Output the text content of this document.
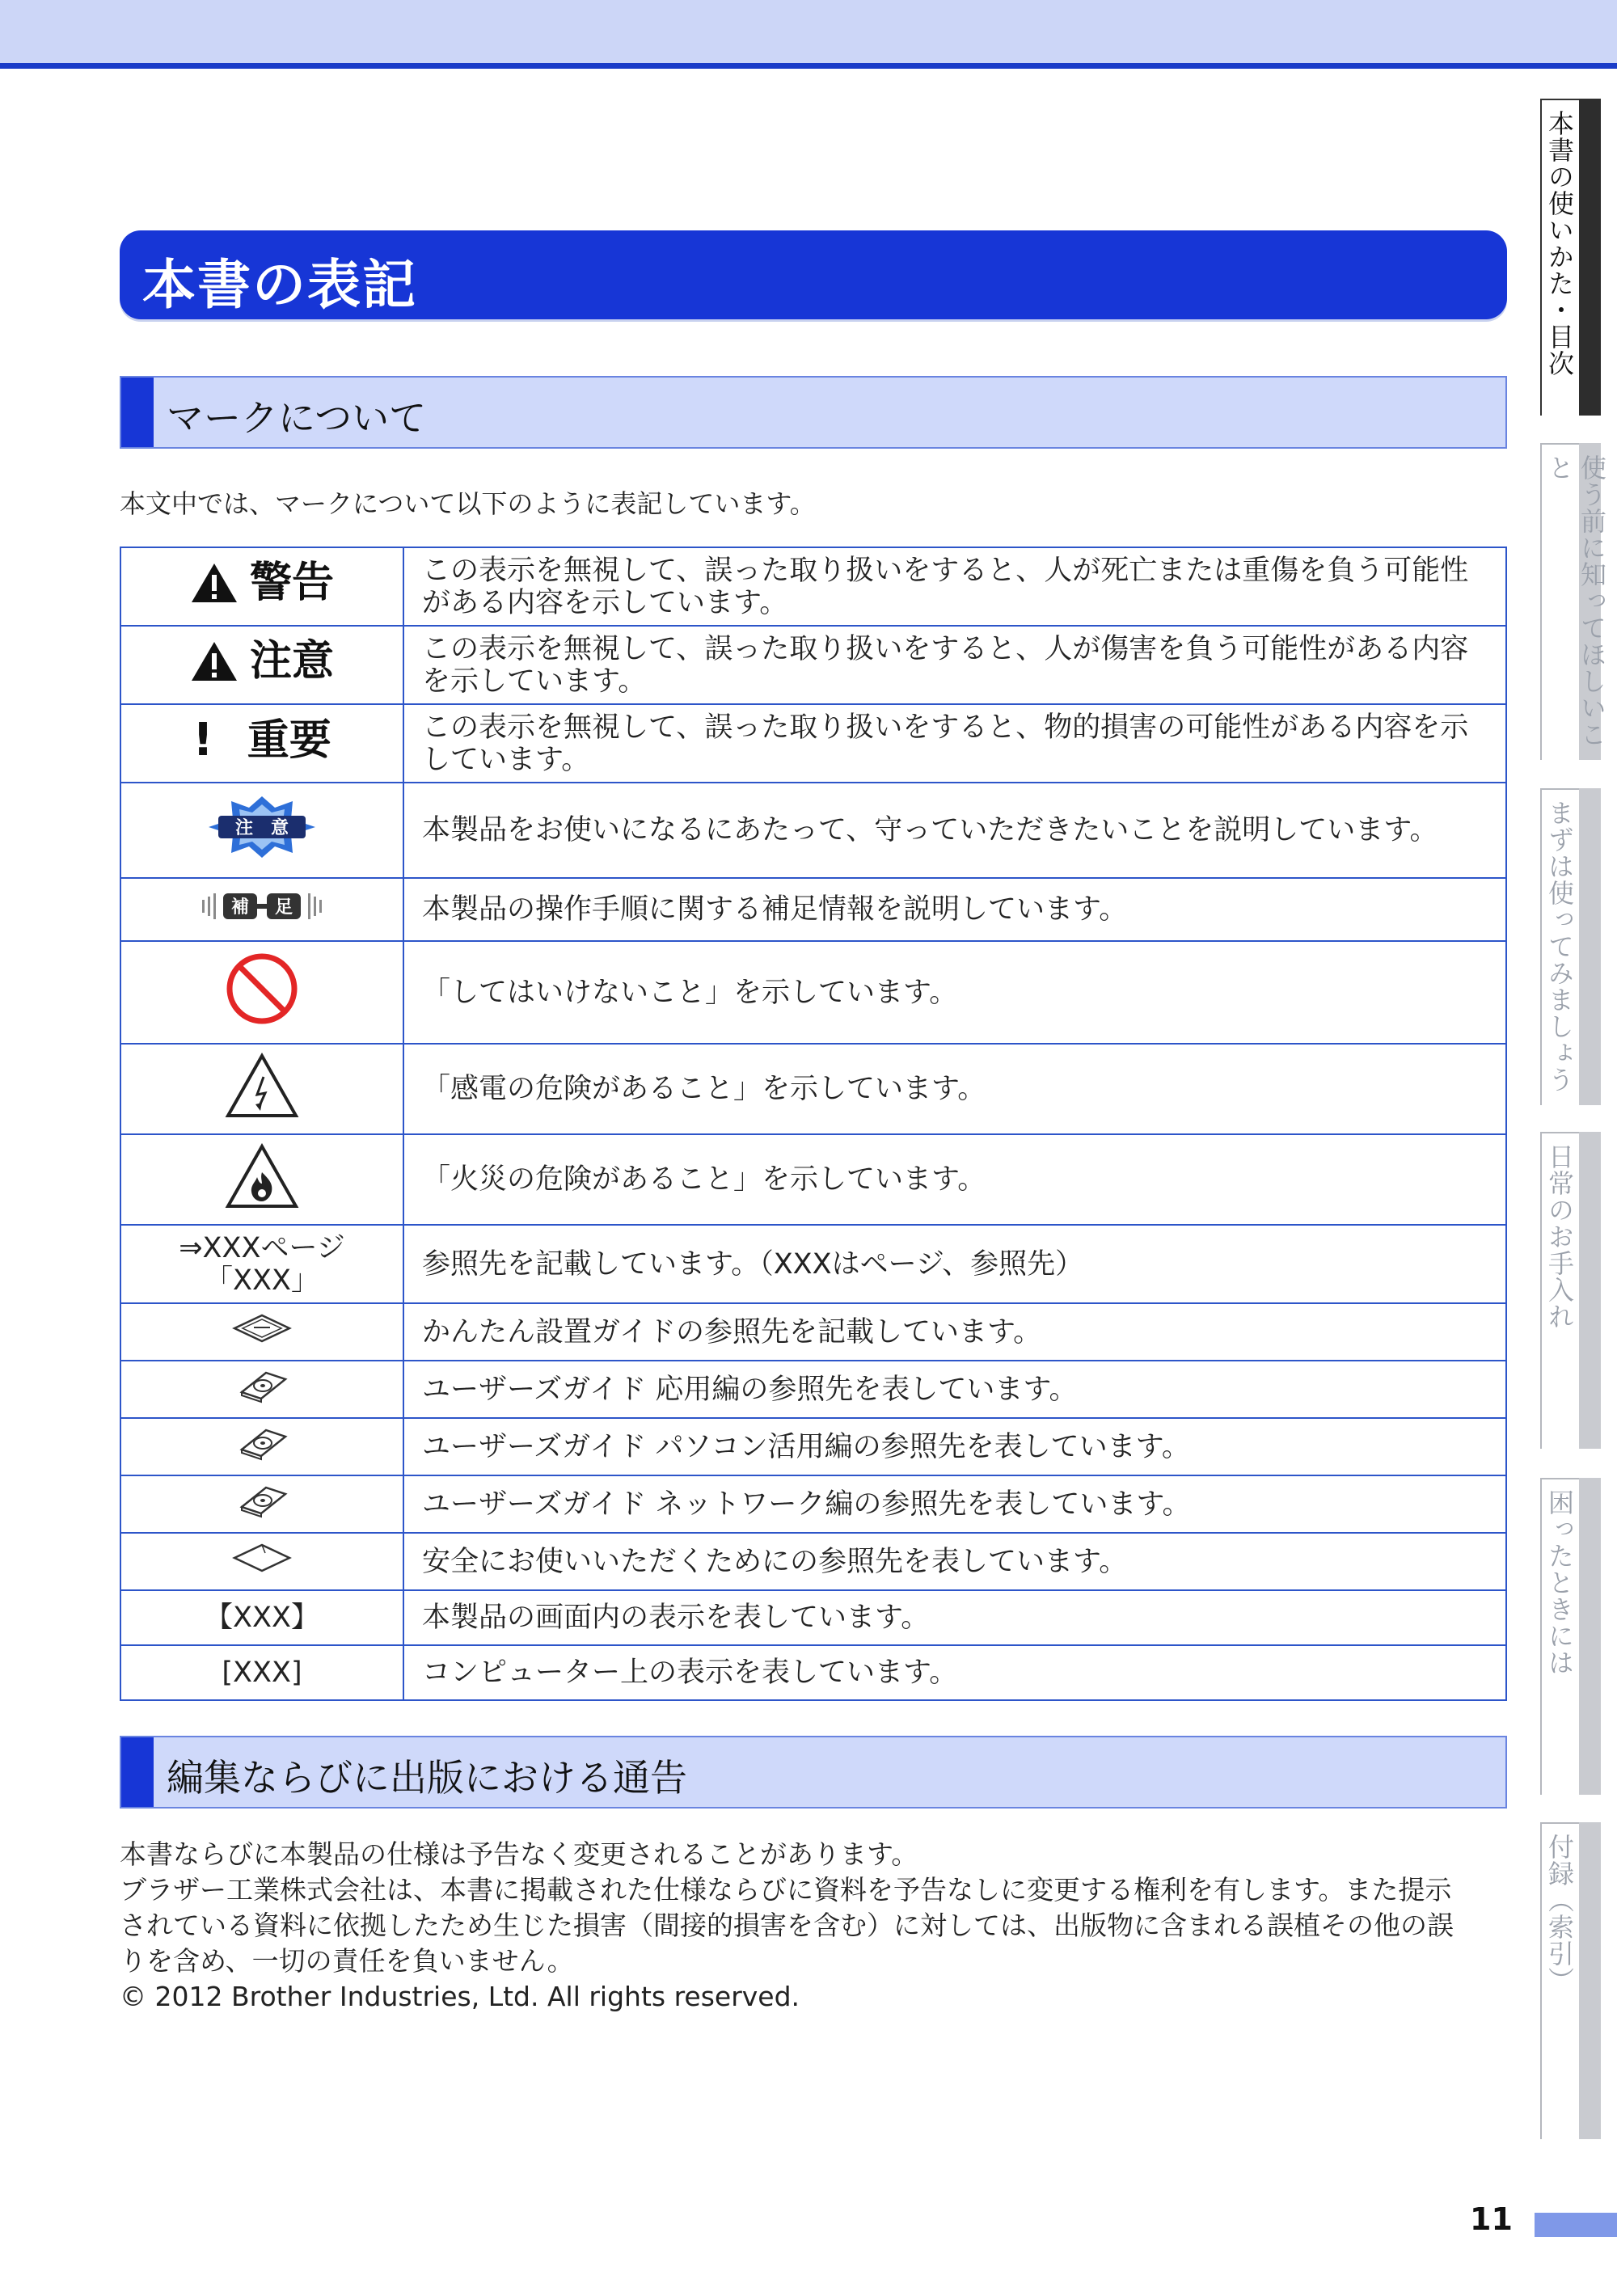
本書の表記
マークについて
本文中では、マークについて以下のように表記しています。
警告	この表示を無視して、誤った取り扱いをすると、人が死亡または重傷を負う可能性がある内容を示しています。

注意	この表示を無視して、誤った取り扱いをすると、人が傷害を負う可能性がある内容を示しています。

! 重要	この表示を無視して、誤った取り扱いをすると、物的損害の可能性がある内容を示しています。

注 意	本製品をお使いになるにあたって、守っていただきたいことを説明しています。

補 足	本製品の操作手順に関する補足情報を説明しています。
	「してはいけないこと」を示しています。
	「感電の危険があること」を示しています。
	「火災の危険があること」を示しています。

⇒XXXページ
「XXX」	参照先を記載しています。（XXXはページ、参照先）
	かんたん設置ガイドの参照先を記載しています。
	ユーザーズガイド 応用編の参照先を表しています。
	ユーザーズガイド パソコン活用編の参照先を表しています。
	ユーザーズガイド ネットワーク編の参照先を表しています。
	安全にお使いいただくためにの参照先を表しています。
【XXX】	本製品の画面内の表示を表しています。
[XXX]	コンピューター上の表示を表しています。
編集ならびに出版における通告
本書ならびに本製品の仕様は予告なく変更されることがあります。
ブラザー工業株式会社は、本書に掲載された仕様ならびに資料を予告なしに変更する権利を有します。また提示
されている資料に依拠したため生じた損害（間接的損害を含む）に対しては、出版物に含まれる誤植その他の誤
りを含め、一切の責任を負いません。
© 2012 Brother Industries, Ltd. All rights reserved.
本書の使いかた・目次
使う前に知ってほしいこと
まずは使ってみましょう
日常のお手入れ
困ったときには
付録（索引）
11
